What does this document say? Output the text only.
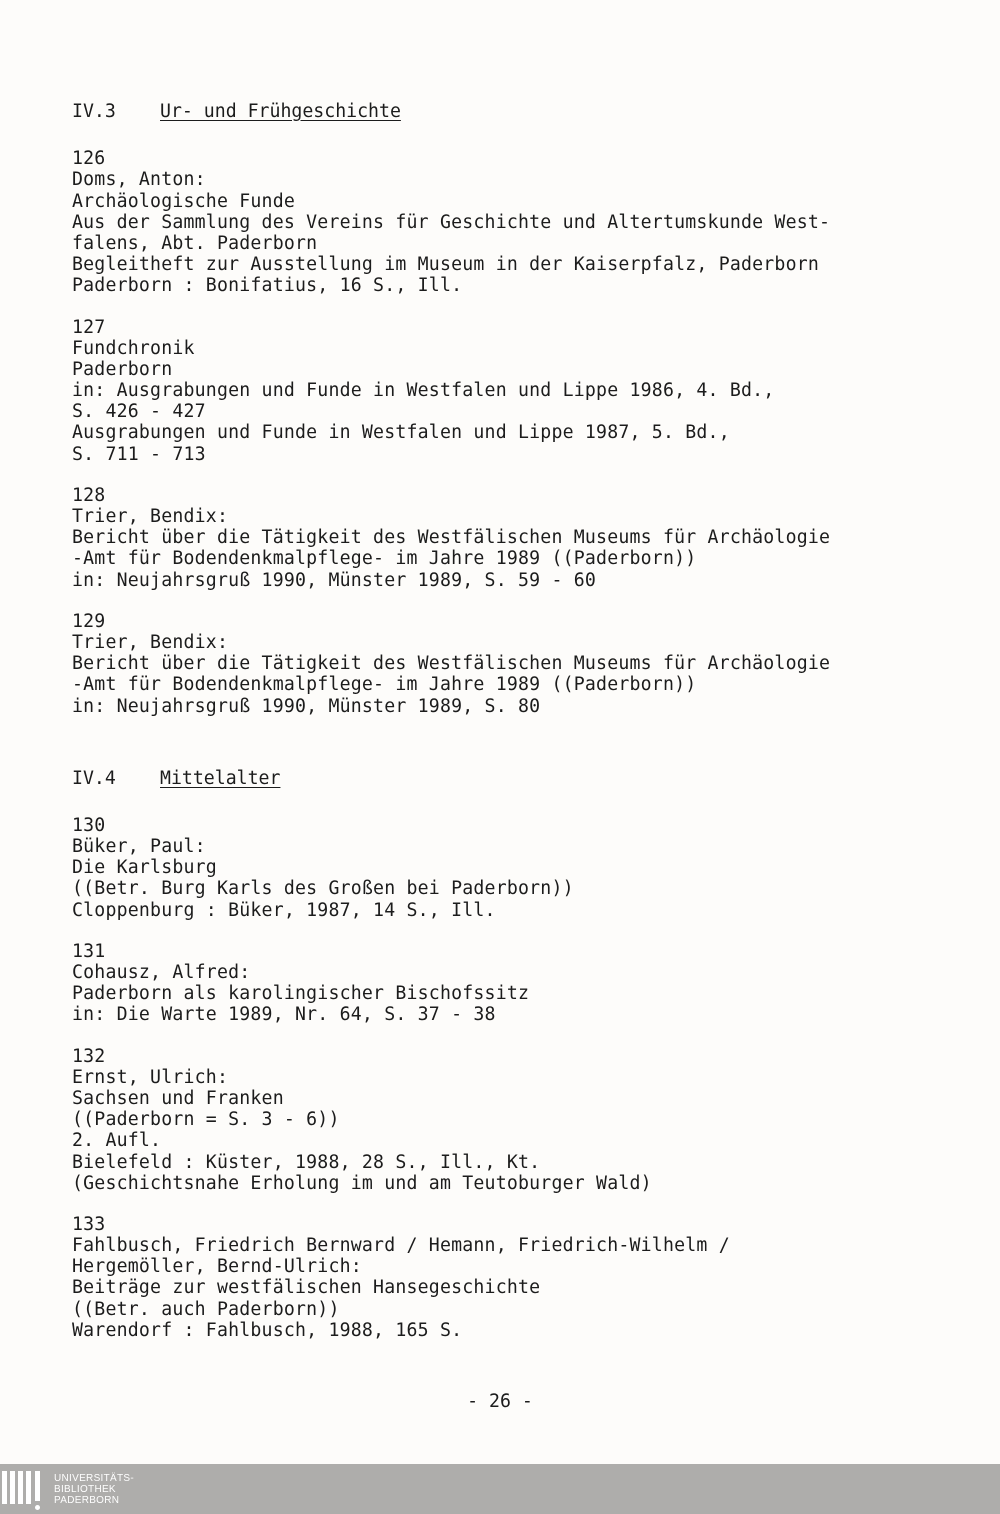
IV.3	Ur- und Frühgeschichte
126
Doms, Anton:
Archäologische Funde
Aus der Sammlung des Vereins für Geschichte und Altertumskunde West-
falens, Abt. Paderborn
Begleitheft zur Ausstellung im Museum in der Kaiserpfalz, Paderborn
Paderborn : Bonifatius, 16 S., Ill.
127
Fundchronik
Paderborn
in: Ausgrabungen und Funde in Westfalen und Lippe 1986, 4. Bd.,
S. 426 - 427
Ausgrabungen und Funde in Westfalen und Lippe 1987, 5. Bd.,
S. 711 - 713
128
Trier, Bendix:
Bericht über die Tätigkeit des Westfälischen Museums für Archäologie
-Amt für Bodendenkmalpflege- im Jahre 1989 ((Paderborn))
in: Neujahrsgruß 1990, Münster 1989, S. 59 - 60
129
Trier, Bendix:
Bericht über die Tätigkeit des Westfälischen Museums für Archäologie
-Amt für Bodendenkmalpflege- im Jahre 1989 ((Paderborn))
in: Neujahrsgruß 1990, Münster 1989, S. 80
IV.4	Mittelalter
130
Büker, Paul:
Die Karlsburg
((Betr. Burg Karls des Großen bei Paderborn))
Cloppenburg : Büker, 1987, 14 S., Ill.
131
Cohausz, Alfred:
Paderborn als karolingischer Bischofssitz
in: Die Warte 1989, Nr. 64, S. 37 - 38
132
Ernst, Ulrich:
Sachsen und Franken
((Paderborn = S. 3 - 6))
2. Aufl.
Bielefeld : Küster, 1988, 28 S., Ill., Kt.
(Geschichtsnahe Erholung im und am Teutoburger Wald)
133
Fahlbusch, Friedrich Bernward / Hemann, Friedrich-Wilhelm /
Hergemöller, Bernd-Ulrich:
Beiträge zur westfälischen Hansegeschichte
((Betr. auch Paderborn))
Warendorf : Fahlbusch, 1988, 165 S.
- 26 -
UNIVERSITÄTS-
BIBLIOTHEK
PADERBORN
